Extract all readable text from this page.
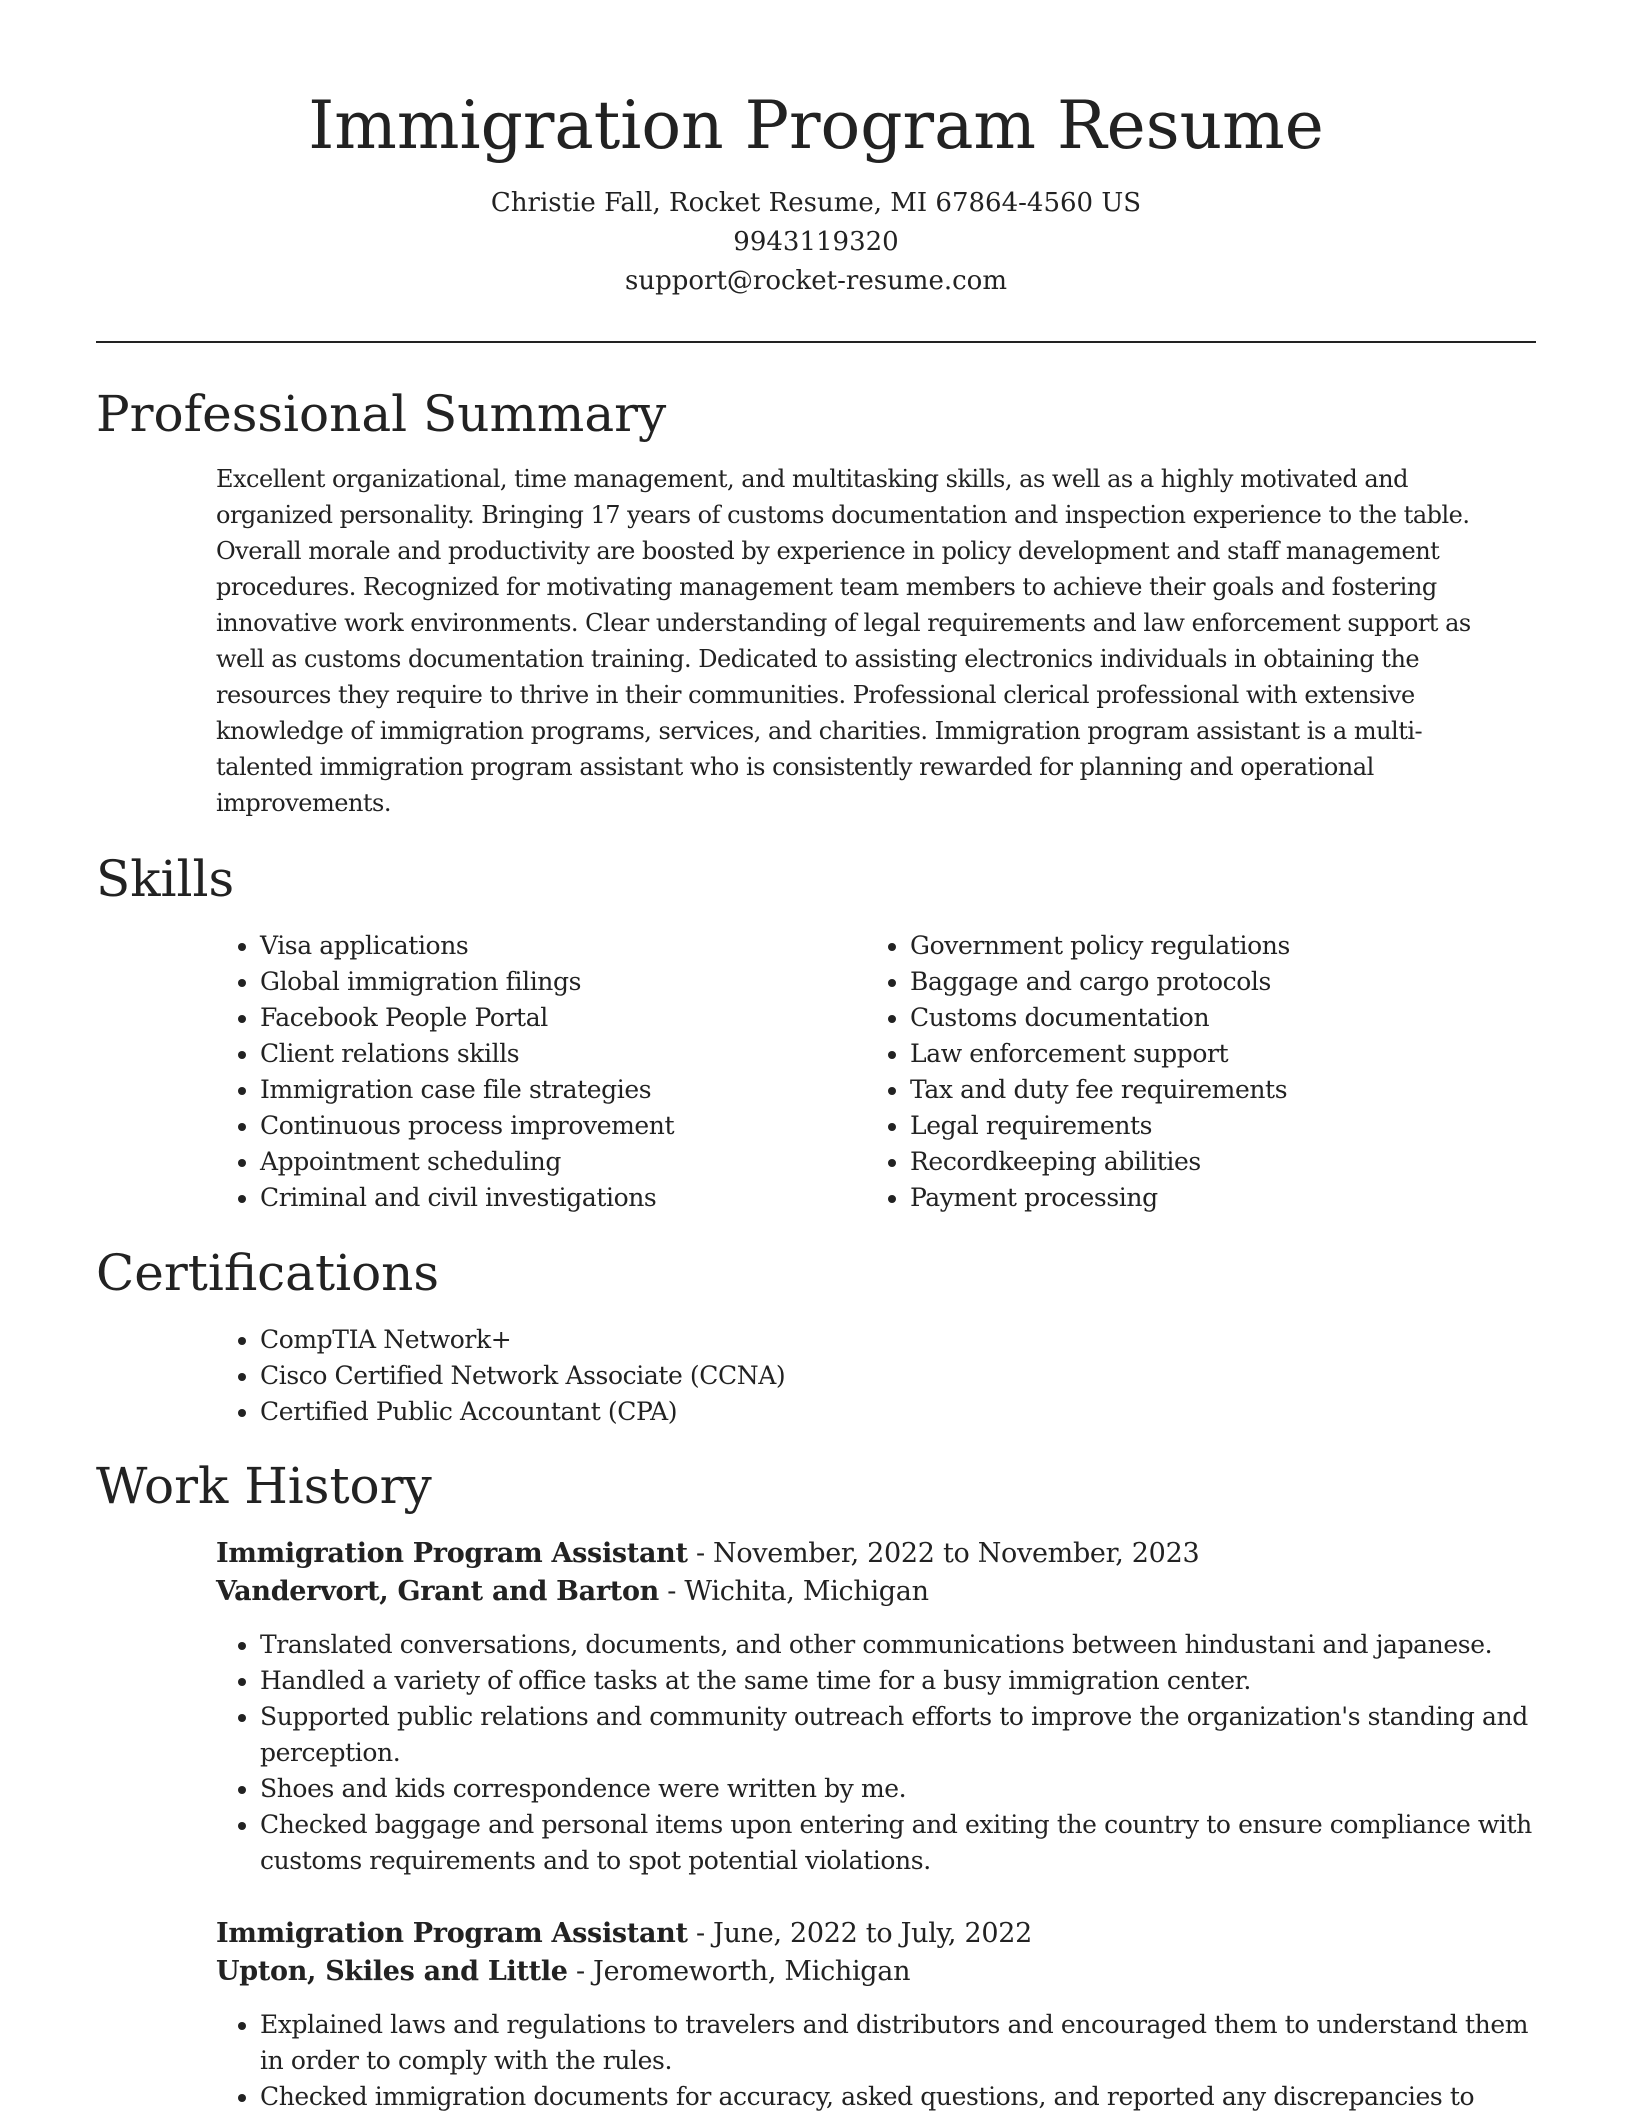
Immigration Program Resume
Christie Fall, Rocket Resume, MI 67864-4560 US
9943119320
support@rocket-resume.com
Professional Summary
Excellent organizational, time management, and multitasking skills, as well as a highly motivated and organized personality. Bringing 17 years of customs documentation and inspection experience to the table. Overall morale and productivity are boosted by experience in policy development and staff management procedures. Recognized for motivating management team members to achieve their goals and fostering innovative work environments. Clear understanding of legal requirements and law enforcement support as well as customs documentation training. Dedicated to assisting electronics individuals in obtaining the resources they require to thrive in their communities. Professional clerical professional with extensive knowledge of immigration programs, services, and charities. Immigration program assistant is a multi-talented immigration program assistant who is consistently rewarded for planning and operational improvements.
Skills
• Visa applications
• Global immigration filings
• Facebook People Portal
• Client relations skills
• Immigration case file strategies
• Continuous process improvement
• Appointment scheduling
• Criminal and civil investigations
• Government policy regulations
• Baggage and cargo protocols
• Customs documentation
• Law enforcement support
• Tax and duty fee requirements
• Legal requirements
• Recordkeeping abilities
• Payment processing
Certifications
• CompTIA Network+
• Cisco Certified Network Associate (CCNA)
• Certified Public Accountant (CPA)
Work History
Immigration Program Assistant - November, 2022 to November, 2023
Vandervort, Grant and Barton - Wichita, Michigan
• Translated conversations, documents, and other communications between hindustani and japanese.
• Handled a variety of office tasks at the same time for a busy immigration center.
• Supported public relations and community outreach efforts to improve the organization's standing and perception.
• Shoes and kids correspondence were written by me.
• Checked baggage and personal items upon entering and exiting the country to ensure compliance with customs requirements and to spot potential violations.
Immigration Program Assistant - June, 2022 to July, 2022
Upton, Skiles and Little - Jeromeworth, Michigan
• Explained laws and regulations to travelers and distributors and encouraged them to understand them in order to comply with the rules.
• Checked immigration documents for accuracy, asked questions, and reported any discrepancies to
